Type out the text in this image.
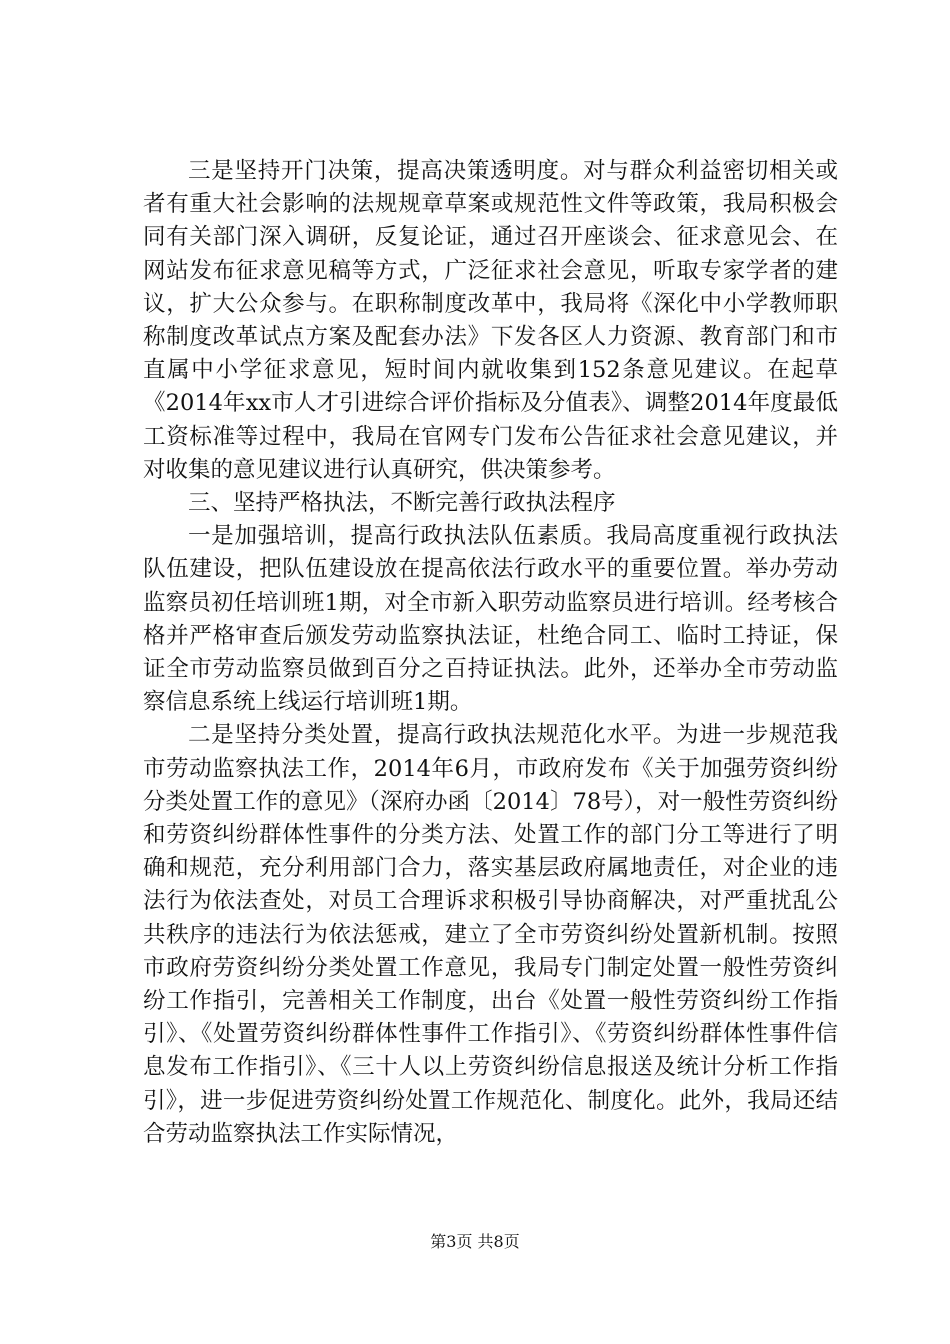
三是坚持开门决策，提高决策透明度。对与群众利益密切相关或者有重大社会影响的法规规章草案或规范性文件等政策，我局积极会同有关部门深入调研，反复论证，通过召开座谈会、征求意见会、在网站发布征求意见稿等方式，广泛征求社会意见，听取专家学者的建议，扩大公众参与。在职称制度改革中，我局将《深化中小学教师职称制度改革试点方案及配套办法》下发各区人力资源、教育部门和市直属中小学征求意见，短时间内就收集到152条意见建议。在起草《2014年xx市人才引进综合评价指标及分值表》、调整2014年度最低工资标准等过程中，我局在官网专门发布公告征求社会意见建议，并对收集的意见建议进行认真研究，供决策参考。

三、坚持严格执法，不断完善行政执法程序

一是加强培训，提高行政执法队伍素质。我局高度重视行政执法队伍建设，把队伍建设放在提高依法行政水平的重要位置。举办劳动监察员初任培训班1期，对全市新入职劳动监察员进行培训。经考核合格并严格审查后颁发劳动监察执法证，杜绝合同工、临时工持证，保证全市劳动监察员做到百分之百持证执法。此外，还举办全市劳动监察信息系统上线运行培训班1期。

二是坚持分类处置，提高行政执法规范化水平。为进一步规范我市劳动监察执法工作，2014年6月，市政府发布《关于加强劳资纠纷分类处置工作的意见》（深府办函〔2014〕78号），对一般性劳资纠纷和劳资纠纷群体性事件的分类方法、处置工作的部门分工等进行了明确和规范，充分利用部门合力，落实基层政府属地责任，对企业的违法行为依法查处，对员工合理诉求积极引导协商解决，对严重扰乱公共秩序的违法行为依法惩戒，建立了全市劳资纠纷处置新机制。按照市政府劳资纠纷分类处置工作意见，我局专门制定处置一般性劳资纠纷工作指引，完善相关工作制度，出台《处置一般性劳资纠纷工作指引》、《处置劳资纠纷群体性事件工作指引》、《劳资纠纷群体性事件信息发布工作指引》、《三十人以上劳资纠纷信息报送及统计分析工作指引》，进一步促进劳资纠纷处置工作规范化、制度化。此外，我局还结合劳动监察执法工作实际情况，

第3页 共8页
